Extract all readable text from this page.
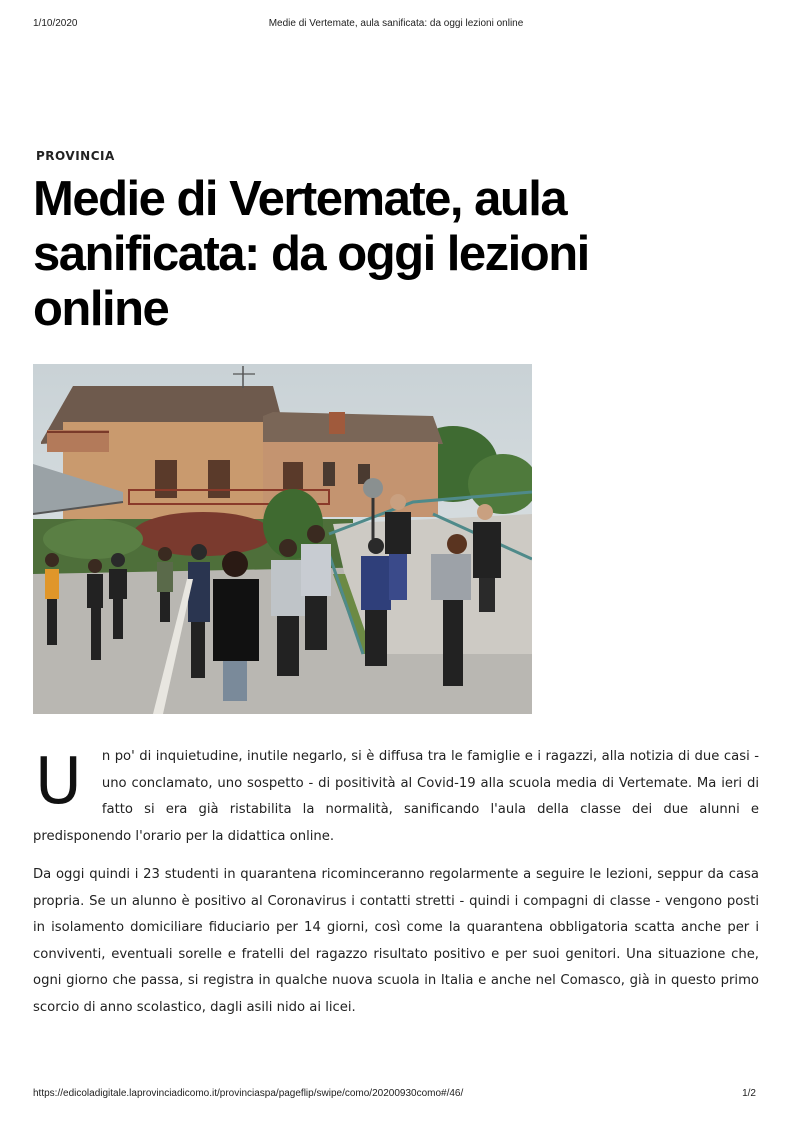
1/10/2020	Medie di Vertemate, aula sanificata: da oggi lezioni online
PROVINCIA
Medie di Vertemate, aula sanificata: da oggi lezioni online

U n po' di inquietudine, inutile negarlo, si è diffusa tra le famiglie e i ragazzi, alla notizia di due casi - uno conclamato, uno sospetto - di positività al Covid-19 alla scuola media di Vertemate. Ma ieri di fatto si era già ristabilita la normalità, sanificando l'aula della classe dei due alunni e predisponendo l'orario per la didattica online.

Da oggi quindi i 23 studenti in quarantena ricominceranno regolarmente a seguire le lezioni, seppur da casa propria. Se un alunno è positivo al Coronavirus i contatti stretti - quindi i compagni di classe - vengono posti in isolamento domiciliare fiduciario per 14 giorni, così come la quarantena obbligatoria scatta anche per i conviventi, eventuali sorelle e fratelli del ragazzo risultato positivo e per suoi genitori. Una situazione che, ogni giorno che passa, si registra in qualche nuova scuola in Italia e anche nel Comasco, già in questo primo scorcio di anno scolastico, dagli asili nido ai licei.

https://edicoladigitale.laprovinciadicomo.it/provinciaspa/pageflip/swipe/como/20200930como#/46/	1/2
